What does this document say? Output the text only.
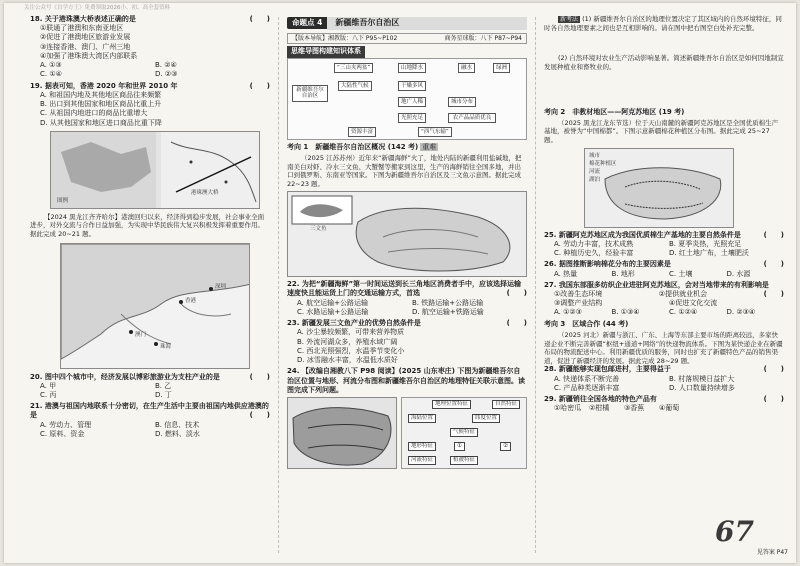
关注公众号《自学方王》免费领取2026小、初、高全套资料
18. 关于港珠澳大桥表述正确的是	(　　)
①联通了港澳和东南亚地区
②促进了港澳地区旅游业发展
③连接香港、澳门、广州三地
④加强了港珠澳大湾区内部联系
A. ①③	B. ②④
C. ①④	D. ②③
19. 据表可知，香港 2020 年和世界 2010 年	(　　)
A. 和祖国内地及其他地区商品往来频繁
B. 出口到其他国家和地区商品比重上升
C. 从祖国内地进口的商品比重增大
D. 从其他国家和地区进口商品比重下降
图例
港珠澳大桥
【2024 黑龙江齐齐哈尔】港澳回归以来，经济得到稳步发展，社会事业全面进步，对外交流与合作日益加强，为实现中华民族伟大复兴积极发挥着重要作用。据此完成 20~21 题。
香港
澳门
珠海
深圳
20. 图中四个城市中，经济发展以博彩旅游业为支柱产业的是	(　　)
A. 甲	B. 乙
C. 丙	D. 丁
21. 港澳与祖国内地联系十分密切，在生产生活中主要由祖国内地供应港澳的是	(　　)
A. 劳动力、管理	B. 信息、技术
C. 原料、资金	D. 燃料、淡水
命题点 4	新疆维吾尔自治区
【版本导航】湘教版：八下 P95~P102	商务星球版：八下 P87~P94
思维导图构建知识体系
“三山夹两盆”	山地降水	融水	绿洲
新疆维吾尔自治区
大陆性气候	干燥多风
地广人稀	城市分布
光照充足	农产品品质优良
资源丰富	“西气东输”
考向 1　新疆维吾尔自治区概况 (142 考) 重难
（2025 江苏苏州）近年来“新疆海鲜”火了，地处内陆的新疆利用盐碱地，把南美白对虾、冷水三文鱼、大蟹蟹等搬家到这里，生产的海鲜销往全国多地，并出口到俄罗斯、东南亚等国家。下图为新疆维吾尔自治区及三文鱼示意图。据此完成 22~23 题。
三文鱼
22. 为把“新疆海鲜”第一时间运送到长三角地区消费者手中，应该选择运输速度快且能运货上门的交通运输方式，首选	(　　)
A. 航空运输+公路运输	B. 铁路运输+公路运输
C. 水路运输+公路运输	D. 航空运输+铁路运输
23. 新疆发展三文鱼产业的优势自然条件是	(　　)
A. 沙尘暴较频繁，可带来营养物质
B. 外流河湖众多，养殖水域广阔
C. 西北光照强烈，水温季节变化小
D. 冰雪融水丰富，水温低水质好
24. 【改编自湘教八下 P98 阅读】(2025 山东枣庄) 下图为新疆维吾尔自治区位置与地形、河流分布图和新疆维吾尔自治区的地理特征关联示意图。读图完成下列问题。
地理位置特征
海陆位置	纬度位置
气候特征
地形特征	①	②
植被特征
河流特征
自然特征
新考法 (1) 新疆维吾尔自治区的地理位置决定了其区域内的自然环境特征，同时各自然地理要素之间也是互相影响的。请在图中把右图空白处补充完整。
(2) 自然环境对农业生产活动影响显著。简述新疆维吾尔自治区是如何因地制宜发展种植业和畜牧业的。
考向 2　非教材地区——阿克苏地区 (19 考)
（2025 黑龙江龙东节选）位于天山南麓的新疆阿克苏地区是全国优质棉生产基地，被誉为“中国棉都”。下图示意新疆棉花种植区分布图。据此完成 25~27 题。
城市
棉花种植区
河流
湖泊
25. 新疆阿克苏地区成为我国优质棉生产基地的主要自然条件是	(　　)
A. 劳动力丰富，技术成熟	B. 夏季炎热，光照充足
C. 种植历史久，经验丰富	D. 红土地广布，土壤肥沃
26. 据图推断影响棉花分布的主要因素是	(　　)
A. 热量	B. 地形	C. 土壤	D. 水源
27. 我国东部服多纺织企业进驻阿克苏地区，会对当地带来的有利影响是
(　　)
①改善生态环境	②提供就业机会
③调整产业结构	④促进文化交流
A. ①②③	B. ①③④	C. ①②④	D. ②③④
考向 3　区域合作 (44 考)
（2025 河北）新疆与浙江、广东、上海等东部主要市场的距离较远，多家快递企业不断完善新疆“枢纽+通道+网络”的快递物流体系。下图为某快递企业在新疆布局的物流配送中心。利用新疆优质的服务，同时也扩充了新疆特色产品的销售渠道，促进了新疆经济的发展。据此完成 28~29 题。
28. 新疆能够实现包邮进村，主要得益于	(　　)
A. 快递体系不断完善	B. 村落规模日益扩大
C. 产品种类逐渐丰富	D. 人口数量持续增多
29. 新疆销往全国各地的特色产品有	(　　)
①哈密瓜	②柑橘	③香蕉	④葡萄
67
见答案 P47
